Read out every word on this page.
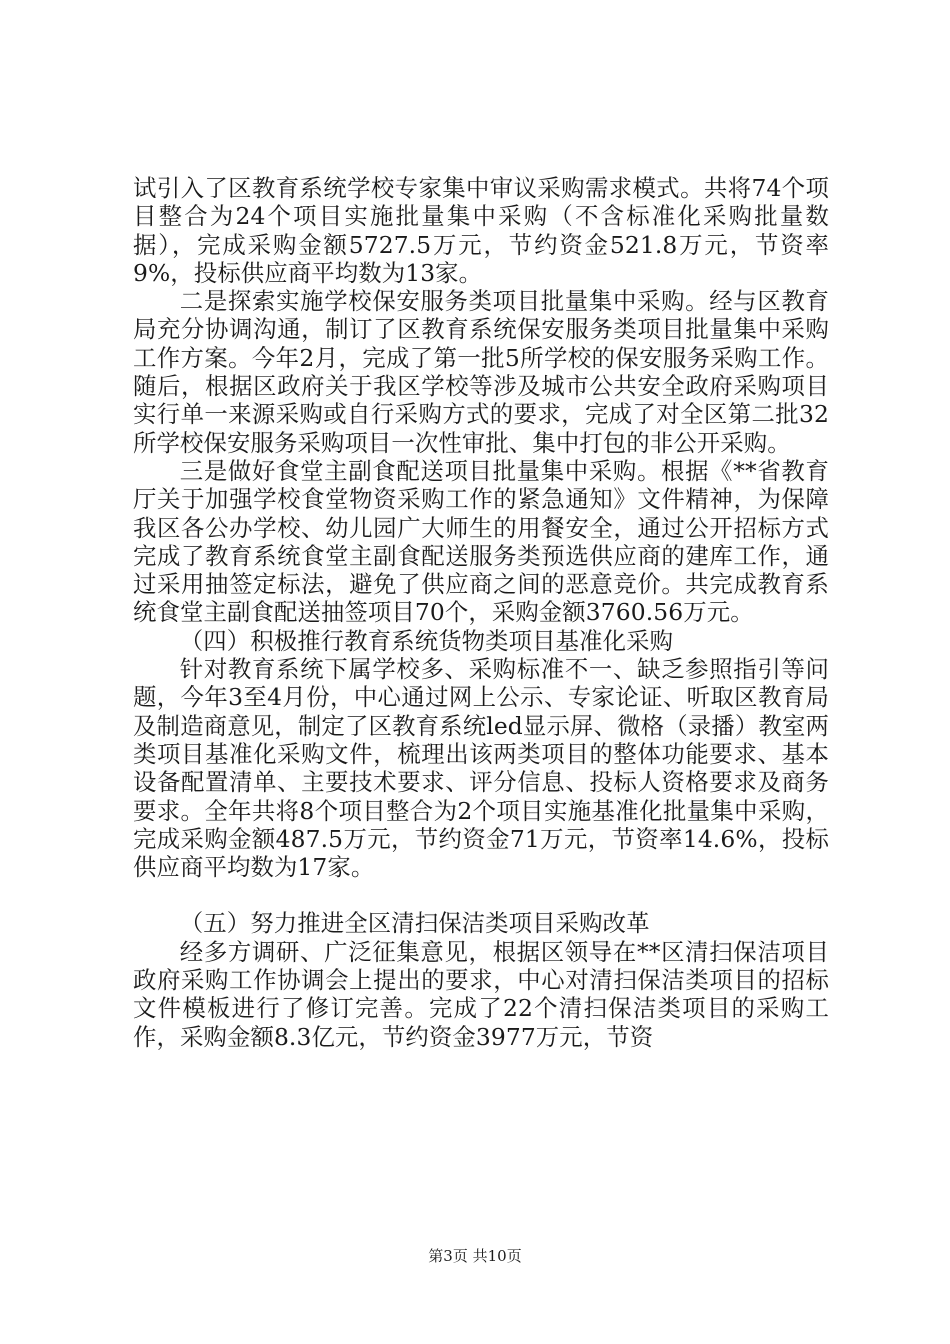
试引入了区教育系统学校专家集中审议采购需求模式。共将74个项目整合为24个项目实施批量集中采购（不含标准化采购批量数据），完成采购金额5727.5万元，节约资金521.8万元，节资率9%，投标供应商平均数为13家。

二是探索实施学校保安服务类项目批量集中采购。经与区教育局充分协调沟通，制订了区教育系统保安服务类项目批量集中采购工作方案。今年2月，完成了第一批5所学校的保安服务采购工作。随后，根据区政府关于我区学校等涉及城市公共安全政府采购项目实行单一来源采购或自行采购方式的要求，完成了对全区第二批32所学校保安服务采购项目一次性审批、集中打包的非公开采购。

三是做好食堂主副食配送项目批量集中采购。根据《**省教育厅关于加强学校食堂物资采购工作的紧急通知》文件精神，为保障我区各公办学校、幼儿园广大师生的用餐安全，通过公开招标方式完成了教育系统食堂主副食配送服务类预选供应商的建库工作，通过采用抽签定标法，避免了供应商之间的恶意竞价。共完成教育系统食堂主副食配送抽签项目70个，采购金额3760.56万元。

（四）积极推行教育系统货物类项目基准化采购

针对教育系统下属学校多、采购标准不一、缺乏参照指引等问题，今年3至4月份，中心通过网上公示、专家论证、听取区教育局及制造商意见，制定了区教育系统led显示屏、微格（录播）教室两类项目基准化采购文件，梳理出该两类项目的整体功能要求、基本设备配置清单、主要技术要求、评分信息、投标人资格要求及商务要求。全年共将8个项目整合为2个项目实施基准化批量集中采购，完成采购金额487.5万元，节约资金71万元，节资率14.6%，投标供应商平均数为17家。

（五）努力推进全区清扫保洁类项目采购改革

经多方调研、广泛征集意见，根据区领导在**区清扫保洁项目政府采购工作协调会上提出的要求，中心对清扫保洁类项目的招标文件模板进行了修订完善。完成了22个清扫保洁类项目的采购工作，采购金额8.3亿元，节约资金3977万元，节资

第3页 共10页
